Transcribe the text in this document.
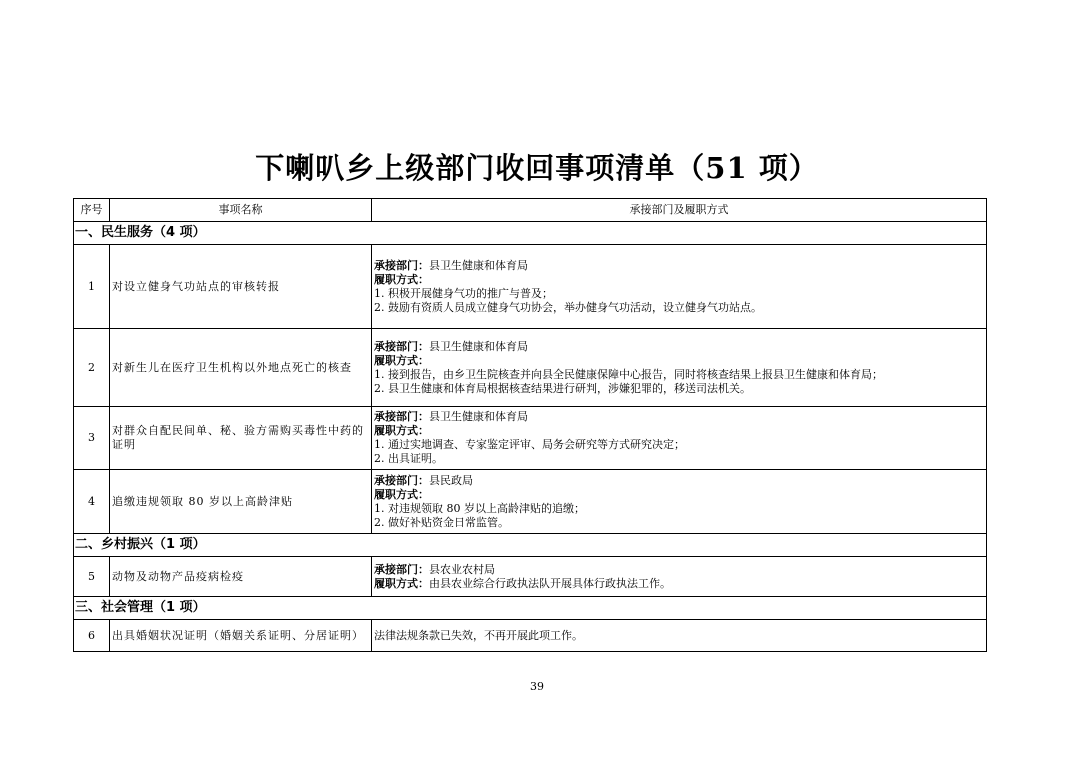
下喇叭乡上级部门收回事项清单（51 项）
序号	事项名称	承接部门及履职方式
一、民生服务（4 项）		
1	对设立健身气功站点的审核转报	承接部门：县卫生健康和体育局
履职方式：
1. 积极开展健身气功的推广与普及；
2. 鼓励有资质人员成立健身气功协会，举办健身气功活动，设立健身气功站点。

2	对新生儿在医疗卫生机构以外地点死亡的核查	承接部门：县卫生健康和体育局
履职方式：
1. 接到报告，由乡卫生院核查并向县全民健康保障中心报告，同时将核查结果上报县卫生健康和体育局；
2. 县卫生健康和体育局根据核查结果进行研判，涉嫌犯罪的，移送司法机关。

3	对群众自配民间单、秘、验方需购买毒性中药的证明	承接部门：县卫生健康和体育局
履职方式：
1. 通过实地调查、专家鉴定评审、局务会研究等方式研究决定；
2. 出具证明。

4	追缴违规领取 80 岁以上高龄津贴	承接部门：县民政局
履职方式：
1. 对违规领取 80 岁以上高龄津贴的追缴；
2. 做好补贴资金日常监管。

二、乡村振兴（1 项）		
5	动物及动物产品疫病检疫	承接部门：县农业农村局
履职方式：由县农业综合行政执法队开展具体行政执法工作。

三、社会管理（1 项）		
6	出具婚姻状况证明（婚姻关系证明、分居证明）	法律法规条款已失效，不再开展此项工作。
39
